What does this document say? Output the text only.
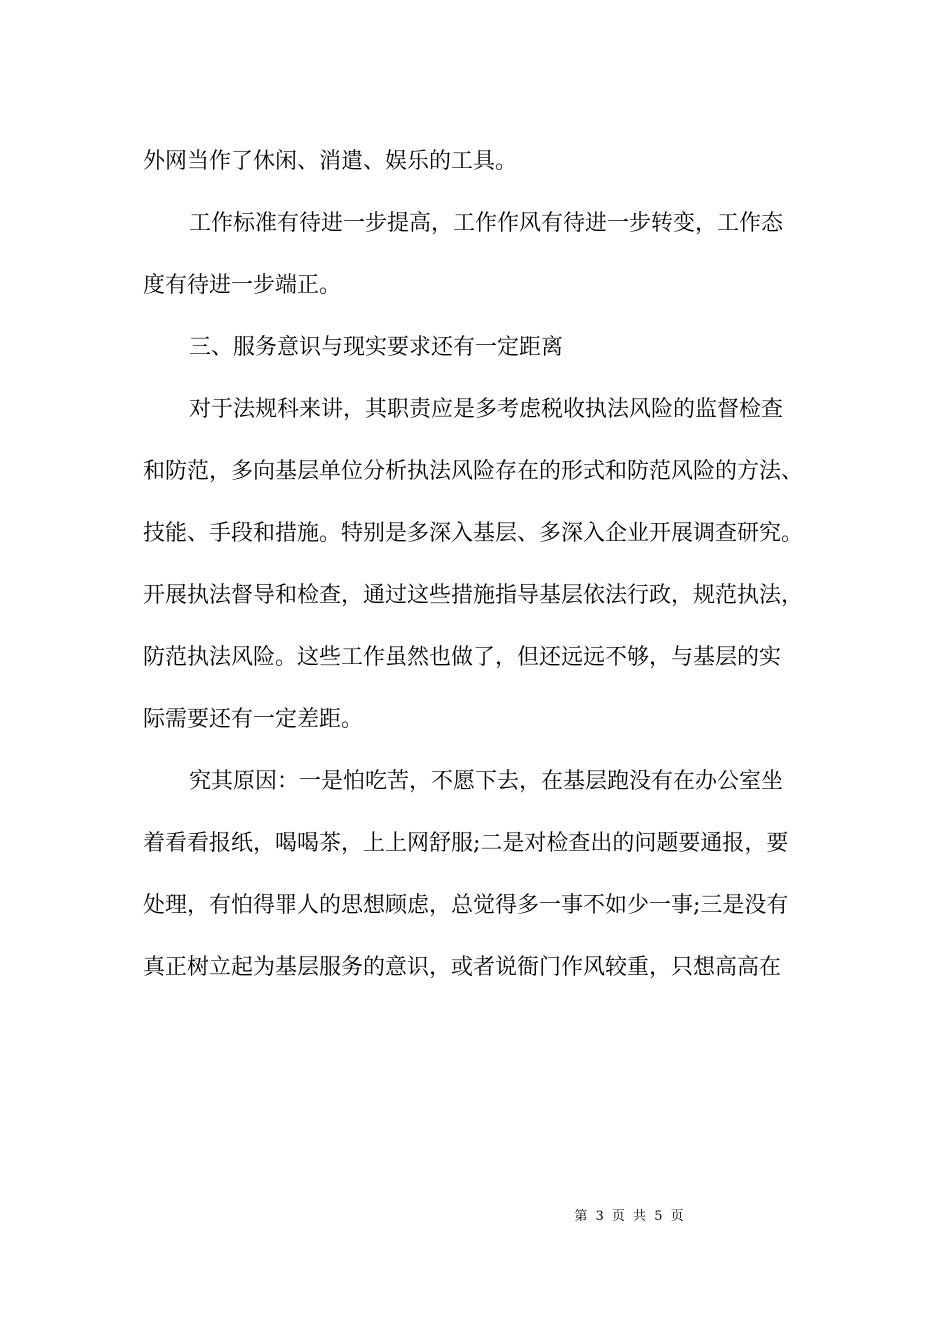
外网当作了休闲、消遣、娱乐的工具。

工作标准有待进一步提高，工作作风有待进一步转变，工作态

度有待进一步端正。

三、服务意识与现实要求还有一定距离

对于法规科来讲，其职责应是多考虑税收执法风险的监督检查

和防范，多向基层单位分析执法风险存在的形式和防范风险的方法、

技能、手段和措施。特别是多深入基层、多深入企业开展调查研究。

开展执法督导和检查，通过这些措施指导基层依法行政，规范执法，

防范执法风险。这些工作虽然也做了，但还远远不够，与基层的实

际需要还有一定差距。

究其原因：一是怕吃苦，不愿下去，在基层跑没有在办公室坐

着看看报纸，喝喝茶，上上网舒服;二是对检查出的问题要通报，要

处理，有怕得罪人的思想顾虑，总觉得多一事不如少一事;三是没有

真正树立起为基层服务的意识，或者说衙门作风较重，只想高高在

第 3 页 共 5 页
